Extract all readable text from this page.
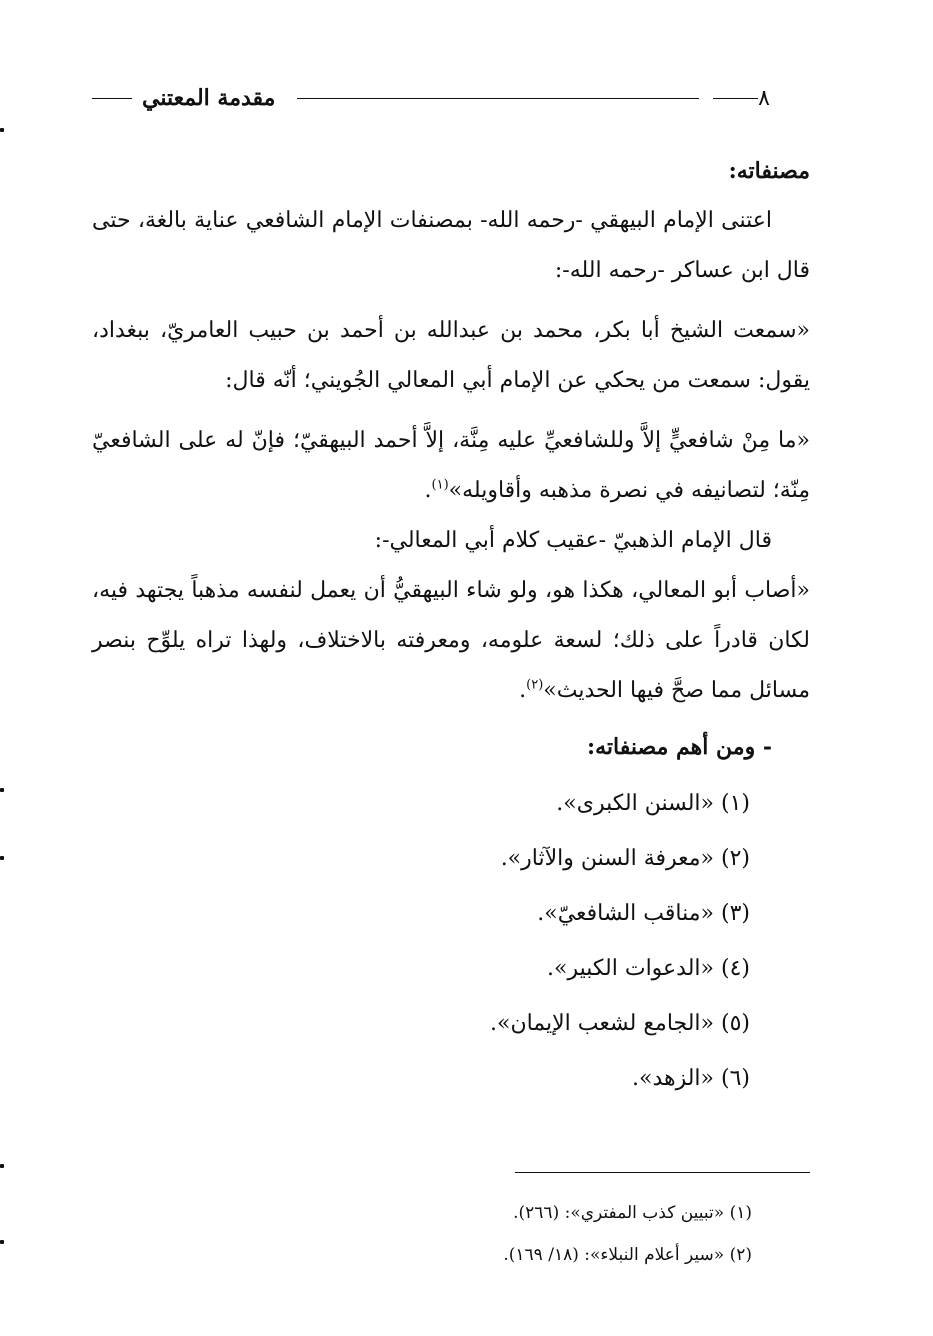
٨
مقدمة المعتني

مصنفاته:

اعتنى الإمام البيهقي -رحمه الله- بمصنفات الإمام الشافعي عناية بالغة، حتى قال ابن عساكر -رحمه الله-:

«سمعت الشيخ أبا بكر، محمد بن عبدالله بن أحمد بن حبيب العامريّ، ببغداد، يقول: سمعت من يحكي عن الإمام أبي المعالي الجُويني؛ أنّه قال:

«ما مِنْ شافعيٍّ إلاَّ وللشافعيِّ عليه مِنَّة، إلاَّ أحمد البيهقيّ؛ فإنّ له على الشافعيّ مِنّة؛ لتصانيفه في نصرة مذهبه وأقاويله»$^{(١)}$.

قال الإمام الذهبيّ -عقيب كلام أبي المعالي-:

«أصاب أبو المعالي، هكذا هو، ولو شاء البيهقيُّ أن يعمل لنفسه مذهباً يجتهد فيه، لكان قادراً على ذلك؛ لسعة علومه، ومعرفته بالاختلاف، ولهذا تراه يلوِّح بنصر مسائل مما صحَّ فيها الحديث»$^{(٢)}$.

- ومن أهم مصنفاته:

(١) «السنن الكبرى».
(٢) «معرفة السنن والآثار».
(٣) «مناقب الشافعيّ».
(٤) «الدعوات الكبير».
(٥) «الجامع لشعب الإيمان».
(٦) «الزهد».

(١) «تبيين كذب المفتري»: (٢٦٦).

(٢) «سير أعلام النبلاء»: (١٨/ ١٦٩).
